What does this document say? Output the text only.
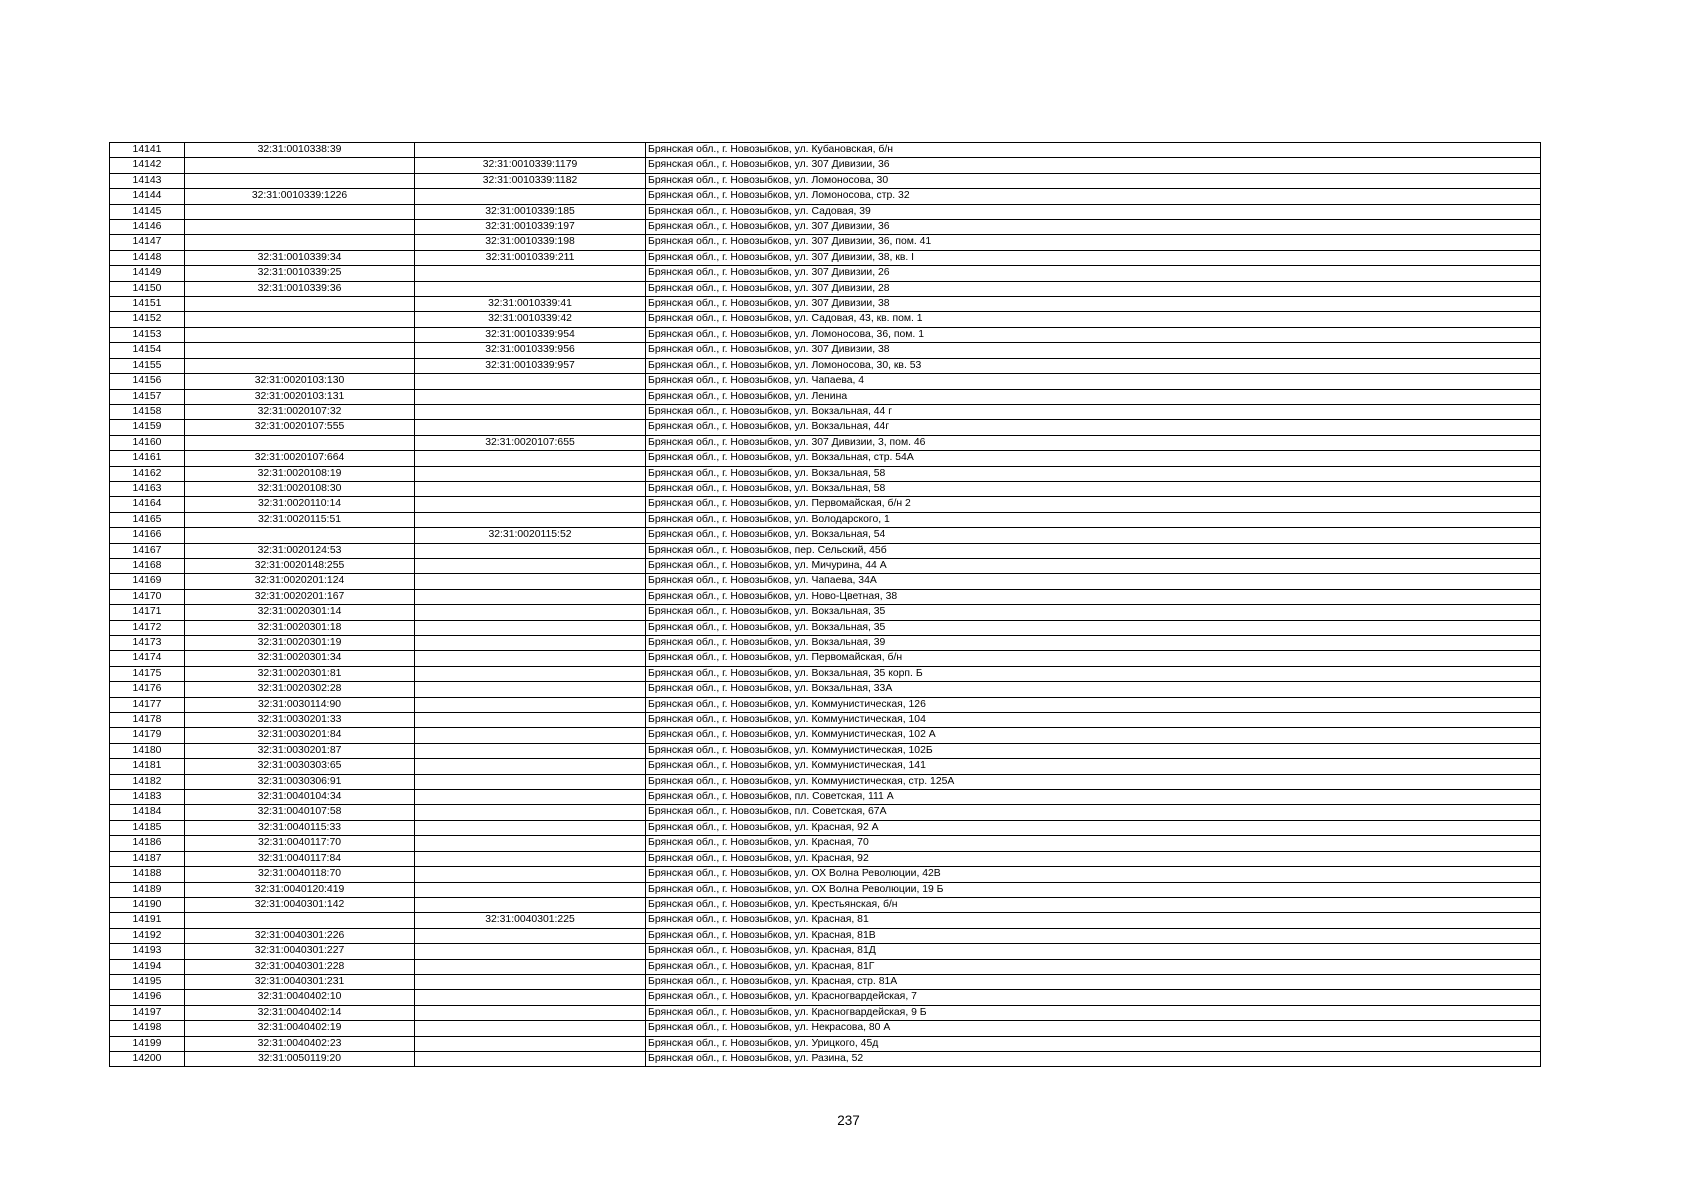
14141	32:31:0010338:39		Брянская обл., г. Новозыбков, ул. Кубановская, б/н
14142		32:31:0010339:1179	Брянская обл., г. Новозыбков, ул. 307 Дивизии, 36
14143		32:31:0010339:1182	Брянская обл., г. Новозыбков, ул. Ломоносова, 30
14144	32:31:0010339:1226		Брянская обл., г. Новозыбков, ул. Ломоносова, стр. 32
14145		32:31:0010339:185	Брянская обл., г. Новозыбков, ул. Садовая, 39
14146		32:31:0010339:197	Брянская обл., г. Новозыбков, ул. 307 Дивизии, 36
14147		32:31:0010339:198	Брянская обл., г. Новозыбков, ул. 307 Дивизии, 36, пом. 41
14148	32:31:0010339:34	32:31:0010339:211	Брянская обл., г. Новозыбков, ул. 307 Дивизии, 38, кв. I
14149	32:31:0010339:25		Брянская обл., г. Новозыбков, ул. 307 Дивизии, 26
14150	32:31:0010339:36		Брянская обл., г. Новозыбков, ул. 307 Дивизии, 28
14151		32:31:0010339:41	Брянская обл., г. Новозыбков, ул. 307 Дивизии, 38
14152		32:31:0010339:42	Брянская обл., г. Новозыбков, ул. Садовая, 43, кв. пом. 1
14153		32:31:0010339:954	Брянская обл., г. Новозыбков, ул. Ломоносова, 36, пом. 1
14154		32:31:0010339:956	Брянская обл., г. Новозыбков, ул. 307 Дивизии, 38
14155		32:31:0010339:957	Брянская обл., г. Новозыбков, ул. Ломоносова, 30, кв. 53
14156	32:31:0020103:130		Брянская обл., г. Новозыбков, ул. Чапаева, 4
14157	32:31:0020103:131		Брянская обл., г. Новозыбков, ул. Ленина
14158	32:31:0020107:32		Брянская обл., г. Новозыбков, ул. Вокзальная, 44 г
14159	32:31:0020107:555		Брянская обл., г. Новозыбков, ул. Вокзальная, 44г
14160		32:31:0020107:655	Брянская обл., г. Новозыбков, ул. 307 Дивизии, 3, пом. 46
14161	32:31:0020107:664		Брянская обл., г. Новозыбков, ул. Вокзальная, стр. 54А
14162	32:31:0020108:19		Брянская обл., г. Новозыбков, ул. Вокзальная, 58
14163	32:31:0020108:30		Брянская обл., г. Новозыбков, ул. Вокзальная, 58
14164	32:31:0020110:14		Брянская обл., г. Новозыбков, ул. Первомайская, б/н 2
14165	32:31:0020115:51		Брянская обл., г. Новозыбков, ул. Володарского, 1
14166		32:31:0020115:52	Брянская обл., г. Новозыбков, ул. Вокзальная, 54
14167	32:31:0020124:53		Брянская обл., г. Новозыбков, пер. Сельский, 45б
14168	32:31:0020148:255		Брянская обл., г. Новозыбков, ул. Мичурина, 44 А
14169	32:31:0020201:124		Брянская обл., г. Новозыбков, ул. Чапаева, 34А
14170	32:31:0020201:167		Брянская обл., г. Новозыбков, ул. Ново-Цветная, 38
14171	32:31:0020301:14		Брянская обл., г. Новозыбков, ул. Вокзальная, 35
14172	32:31:0020301:18		Брянская обл., г. Новозыбков, ул. Вокзальная, 35
14173	32:31:0020301:19		Брянская обл., г. Новозыбков, ул. Вокзальная, 39
14174	32:31:0020301:34		Брянская обл., г. Новозыбков, ул. Первомайская, б/н
14175	32:31:0020301:81		Брянская обл., г. Новозыбков, ул. Вокзальная, 35 корп. Б
14176	32:31:0020302:28		Брянская обл., г. Новозыбков, ул. Вокзальная, 33А
14177	32:31:0030114:90		Брянская обл., г. Новозыбков, ул. Коммунистическая, 126
14178	32:31:0030201:33		Брянская обл., г. Новозыбков, ул. Коммунистическая, 104
14179	32:31:0030201:84		Брянская обл., г. Новозыбков, ул. Коммунистическая, 102 А
14180	32:31:0030201:87		Брянская обл., г. Новозыбков, ул. Коммунистическая, 102Б
14181	32:31:0030303:65		Брянская обл., г. Новозыбков, ул. Коммунистическая, 141
14182	32:31:0030306:91		Брянская обл., г. Новозыбков, ул. Коммунистическая, стр. 125А
14183	32:31:0040104:34		Брянская обл., г. Новозыбков, пл. Советская, 111 А
14184	32:31:0040107:58		Брянская обл., г. Новозыбков, пл. Советская, 67А
14185	32:31:0040115:33		Брянская обл., г. Новозыбков, ул. Красная, 92 А
14186	32:31:0040117:70		Брянская обл., г. Новозыбков, ул. Красная, 70
14187	32:31:0040117:84		Брянская обл., г. Новозыбков, ул. Красная, 92
14188	32:31:0040118:70		Брянская обл., г. Новозыбков, ул. ОХ Волна Революции, 42В
14189	32:31:0040120:419		Брянская обл., г. Новозыбков, ул. ОХ Волна Революции, 19 Б
14190	32:31:0040301:142		Брянская обл., г. Новозыбков, ул. Крестьянская, б/н
14191		32:31:0040301:225	Брянская обл., г. Новозыбков, ул. Красная, 81
14192	32:31:0040301:226		Брянская обл., г. Новозыбков, ул. Красная, 81В
14193	32:31:0040301:227		Брянская обл., г. Новозыбков, ул. Красная, 81Д
14194	32:31:0040301:228		Брянская обл., г. Новозыбков, ул. Красная, 81Г
14195	32:31:0040301:231		Брянская обл., г. Новозыбков, ул. Красная, стр. 81А
14196	32:31:0040402:10		Брянская обл., г. Новозыбков, ул. Красногвардейская, 7
14197	32:31:0040402:14		Брянская обл., г. Новозыбков, ул. Красногвардейская, 9 Б
14198	32:31:0040402:19		Брянская обл., г. Новозыбков, ул. Некрасова, 80 А
14199	32:31:0040402:23		Брянская обл., г. Новозыбков, ул. Урицкого, 45д
14200	32:31:0050119:20		Брянская обл., г. Новозыбков, ул. Разина, 52
237
